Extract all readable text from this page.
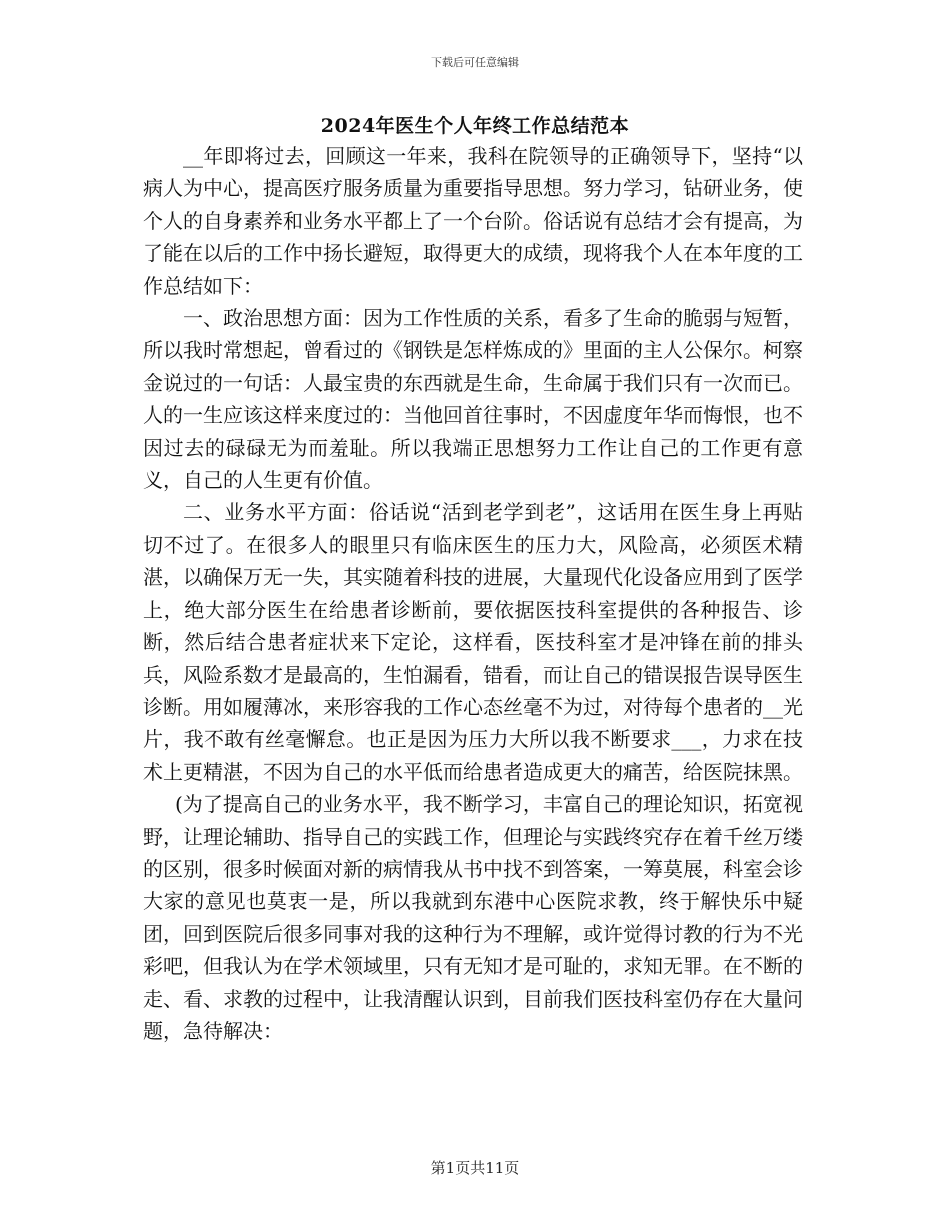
下载后可任意编辑
2024年医生个人年终工作总结范本

__年即将过去，回顾这一年来，我科在院领导的正确领导下，坚持“以病人为中心，提高医疗服务质量为重要指导思想。努力学习，钻研业务，使个人的自身素养和业务水平都上了一个台阶。俗话说有总结才会有提高，为了能在以后的工作中扬长避短，取得更大的成绩，现将我个人在本年度的工作总结如下：

一、政治思想方面：因为工作性质的关系，看多了生命的脆弱与短暂，所以我时常想起，曾看过的《钢铁是怎样炼成的》里面的主人公保尔。柯察金说过的一句话：人最宝贵的东西就是生命，生命属于我们只有一次而已。人的一生应该这样来度过的：当他回首往事时，不因虚度年华而悔恨，也不因过去的碌碌无为而羞耻。所以我端正思想努力工作让自己的工作更有意义，自己的人生更有价值。

二、业务水平方面：俗话说“活到老学到老”，这话用在医生身上再贴切不过了。在很多人的眼里只有临床医生的压力大，风险高，必须医术精湛，以确保万无一失，其实随着科技的进展，大量现代化设备应用到了医学上，绝大部分医生在给患者诊断前，要依据医技科室提供的各种报告、诊断，然后结合患者症状来下定论，这样看，医技科室才是冲锋在前的排头兵，风险系数才是最高的，生怕漏看，错看，而让自己的错误报告误导医生诊断。用如履薄冰，来形容我的工作心态丝毫不为过，对待每个患者的__光片，我不敢有丝毫懈怠。也正是因为压力大所以我不断要求___，力求在技术上更精湛，不因为自己的水平低而给患者造成更大的痛苦，给医院抹黑。

(为了提高自己的业务水平，我不断学习，丰富自己的理论知识，拓宽视野，让理论辅助、指导自己的实践工作，但理论与实践终究存在着千丝万缕的区别，很多时候面对新的病情我从书中找不到答案，一筹莫展，科室会诊大家的意见也莫衷一是，所以我就到东港中心医院求教，终于解快乐中疑团，回到医院后很多同事对我的这种行为不理解，或许觉得讨教的行为不光彩吧，但我认为在学术领域里，只有无知才是可耻的，求知无罪。在不断的走、看、求教的过程中，让我清醒认识到，目前我们医技科室仍存在大量问题，急待解决：

第1页共11页
